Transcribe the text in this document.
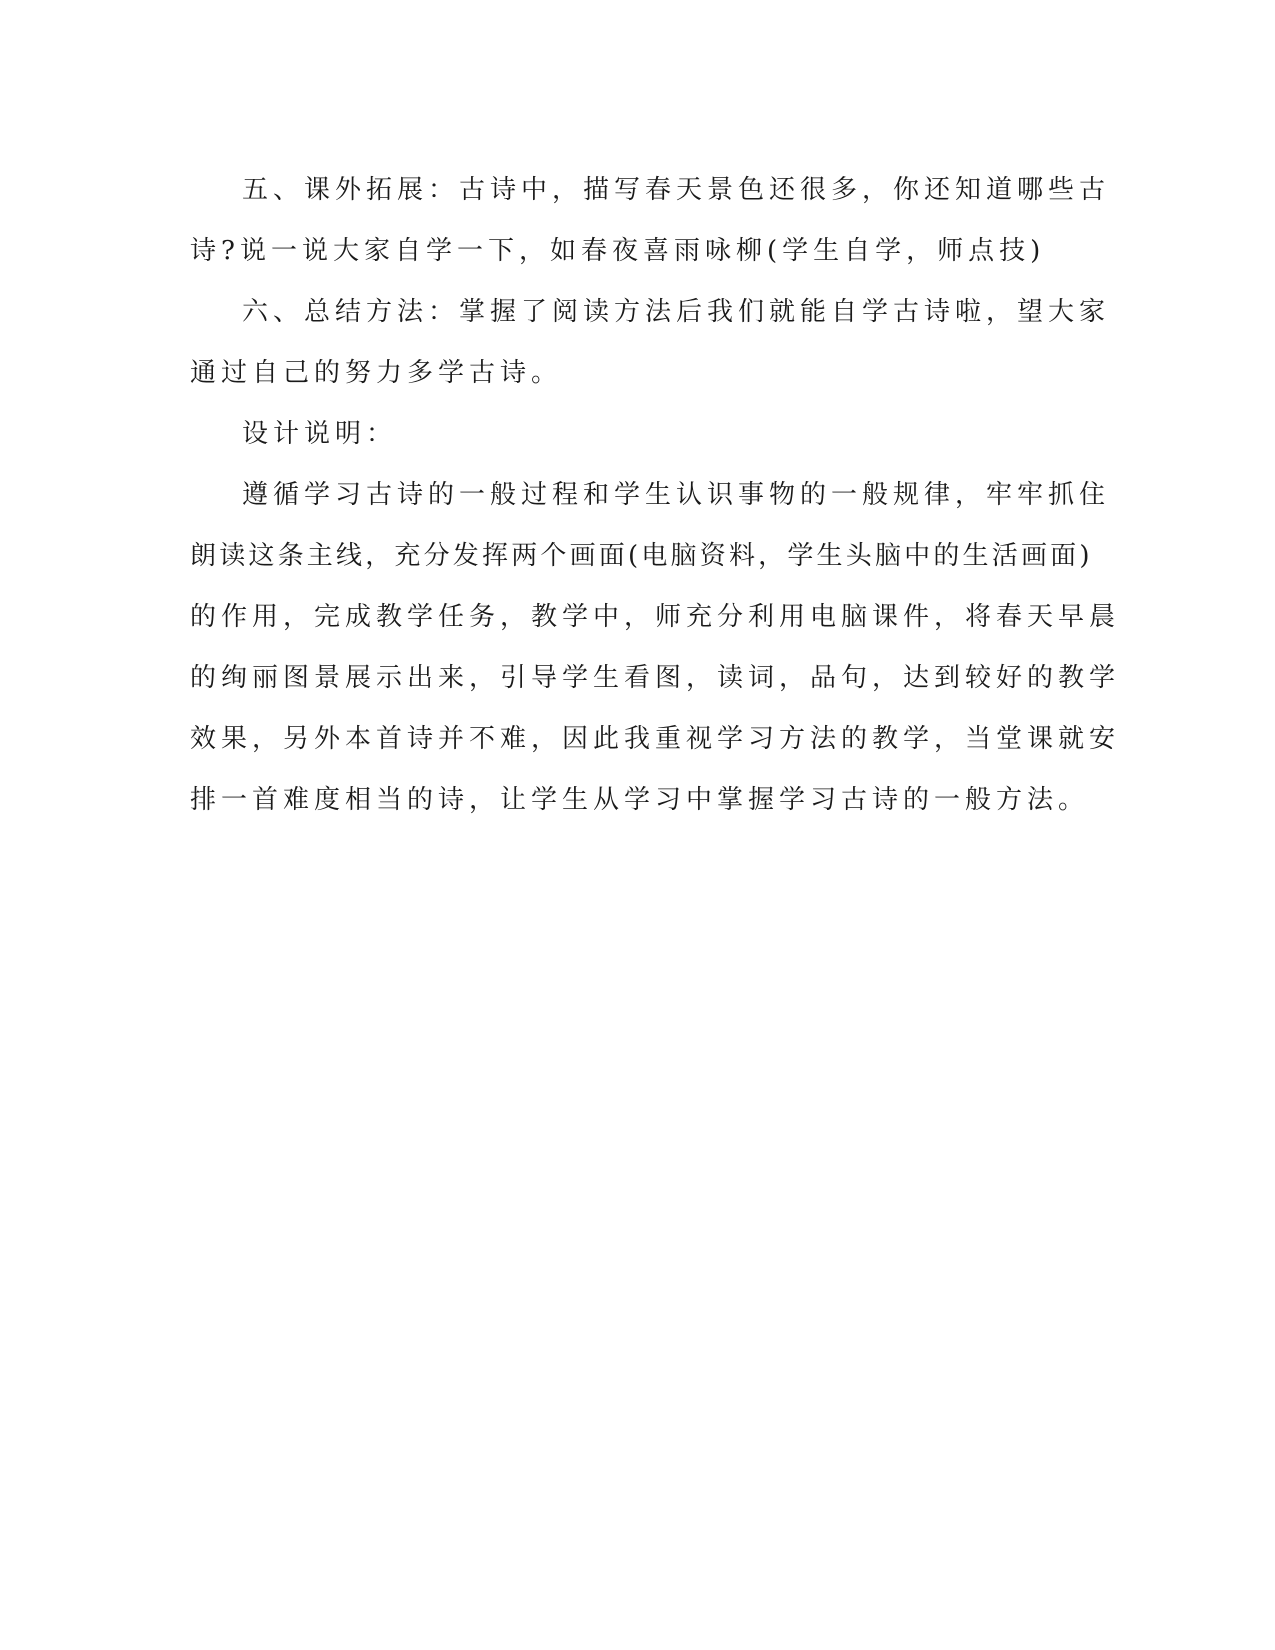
五、课外拓展：古诗中，描写春天景色还很多，你还知道哪些古
诗?说一说大家自学一下，如春夜喜雨咏柳(学生自学，师点技)

六、总结方法：掌握了阅读方法后我们就能自学古诗啦，望大家
通过自己的努力多学古诗。

设计说明：

遵循学习古诗的一般过程和学生认识事物的一般规律，牢牢抓住
朗读这条主线，充分发挥两个画面(电脑资料，学生头脑中的生活画面)
的作用，完成教学任务，教学中，师充分利用电脑课件，将春天早晨
的绚丽图景展示出来，引导学生看图，读词，品句，达到较好的教学
效果，另外本首诗并不难，因此我重视学习方法的教学，当堂课就安
排一首难度相当的诗，让学生从学习中掌握学习古诗的一般方法。
